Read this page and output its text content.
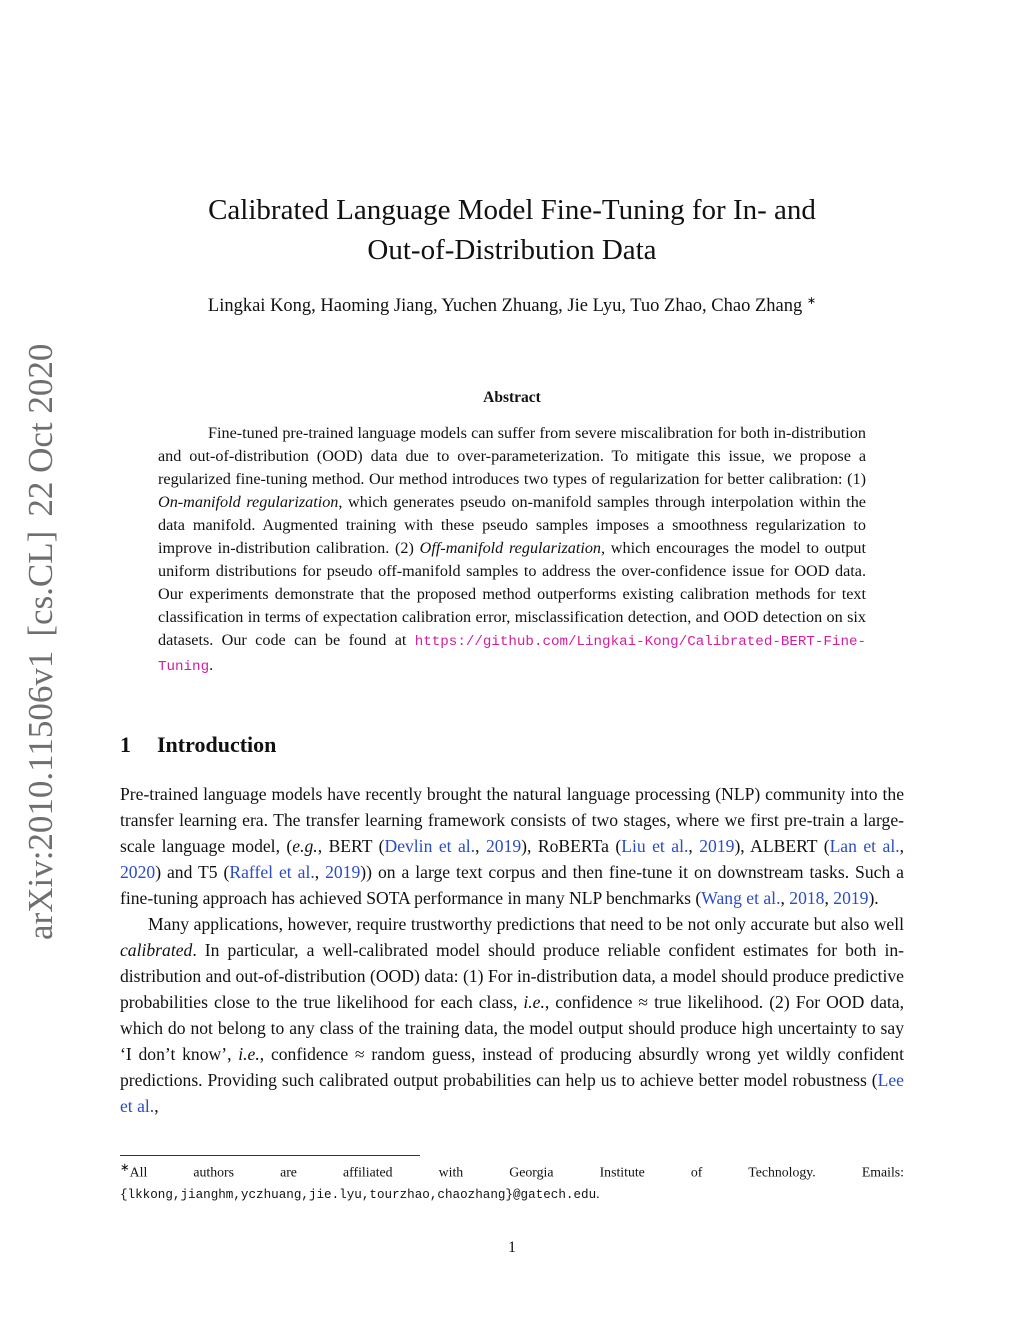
arXiv:2010.11506v1[cs.CL]22 Oct 2020
Calibrated Language Model Fine-Tuning for In- and
Out-of-Distribution Data
Lingkai Kong, Haoming Jiang, Yuchen Zhuang, Jie Lyu, Tuo Zhao, Chao Zhang ∗
Abstract
Fine-tuned pre-trained language models can suffer from severe miscalibration for both in-distribution and out-of-distribution (OOD) data due to over-parameterization. To mitigate this issue, we propose a regularized fine-tuning method. Our method introduces two types of regularization for better calibration: (1) On-manifold regularization, which generates pseudo on-manifold samples through interpolation within the data manifold. Augmented training with these pseudo samples imposes a smoothness regularization to improve in-distribution calibration. (2) Off-manifold regularization, which encourages the model to output uniform distributions for pseudo off-manifold samples to address the over-confidence issue for OOD data. Our experiments demonstrate that the proposed method outperforms existing calibration methods for text classification in terms of expectation calibration error, misclassification detection, and OOD detection on six datasets. Our code can be found at https://github.com/Lingkai-Kong/Calibrated-BERT-Fine-Tuning.
1 Introduction

Pre-trained language models have recently brought the natural language processing (NLP) community into the transfer learning era. The transfer learning framework consists of two stages, where we first pre-train a large-scale language model, (e.g., BERT (Devlin et al., 2019), RoBERTa (Liu et al., 2019), ALBERT (Lan et al., 2020) and T5 (Raffel et al., 2019)) on a large text corpus and then fine-tune it on downstream tasks. Such a fine-tuning approach has achieved SOTA performance in many NLP benchmarks (Wang et al., 2018, 2019).

Many applications, however, require trustworthy predictions that need to be not only accurate but also well calibrated. In particular, a well-calibrated model should produce reliable confident estimates for both in-distribution and out-of-distribution (OOD) data: (1) For in-distribution data, a model should produce predictive probabilities close to the true likelihood for each class, i.e., confidence ≈ true likelihood. (2) For OOD data, which do not belong to any class of the training data, the model output should produce high uncertainty to say ‘I don’t know’, i.e., confidence ≈ random guess, instead of producing absurdly wrong yet wildly confident predictions. Providing such calibrated output probabilities can help us to achieve better model robustness (Lee et al.,

∗All authors are affiliated with Georgia Institute of Technology. Emails: {lkkong,jianghm,yczhuang,jie.lyu,tourzhao,chaozhang}@gatech.edu.
1
